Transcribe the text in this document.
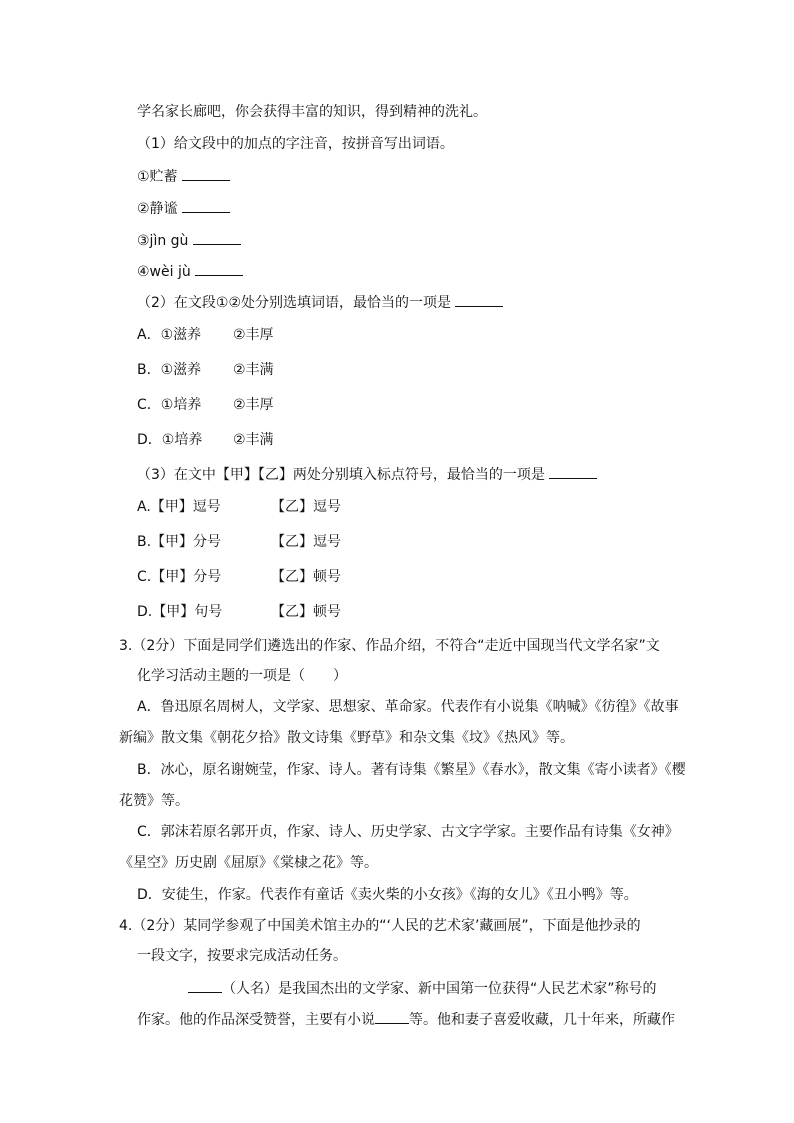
学名家长廊吧，你会获得丰富的知识，得到精神的洗礼。
（1）给文段中的加点的字注音，按拼音写出词语。
①贮蓄
②静谧
③jìn gù
④wèi jù
（2）在文段①②处分别选填词语，最恰当的一项是
A．①滋养 ②丰厚
B．①滋养 ②丰满
C．①培养 ②丰厚
D．①培养 ②丰满
（3）在文中【甲】【乙】两处分别填入标点符号，最恰当的一项是
A.【甲】逗号	【乙】逗号
B.【甲】分号	【乙】逗号
C.【甲】分号	【乙】顿号
D.【甲】句号	【乙】顿号
3.（2分）下面是同学们遴选出的作家、作品介绍，不符合“走近中国现当代文学名家”文
化学习活动主题的一项是（　　）
A．鲁迅原名周树人，文学家、思想家、革命家。代表作有小说集《呐喊》《彷徨》《故事
新编》散文集《朝花夕拾》散文诗集《野草》和杂文集《坟》《热风》等。
B．冰心，原名谢婉莹，作家、诗人。著有诗集《繁星》《春水》，散文集《寄小读者》《樱
花赞》等。
C．郭沫若原名郭开贞，作家、诗人、历史学家、古文字学家。主要作品有诗集《女神》
《星空》历史剧《屈原》《棠棣之花》等。
D．安徒生，作家。代表作有童话《卖火柴的小女孩》《海的女儿》《丑小鸭》等。
4.（2分）某同学参观了中国美术馆主办的“‘人民的艺术家’藏画展”，下面是他抄录的
一段文字，按要求完成活动任务。
（人名）是我国杰出的文学家、新中国第一位获得“人民艺术家”称号的
作家。他的作品深受赞誉，主要有小说 等。他和妻子喜爱收藏，几十年来，所藏作
